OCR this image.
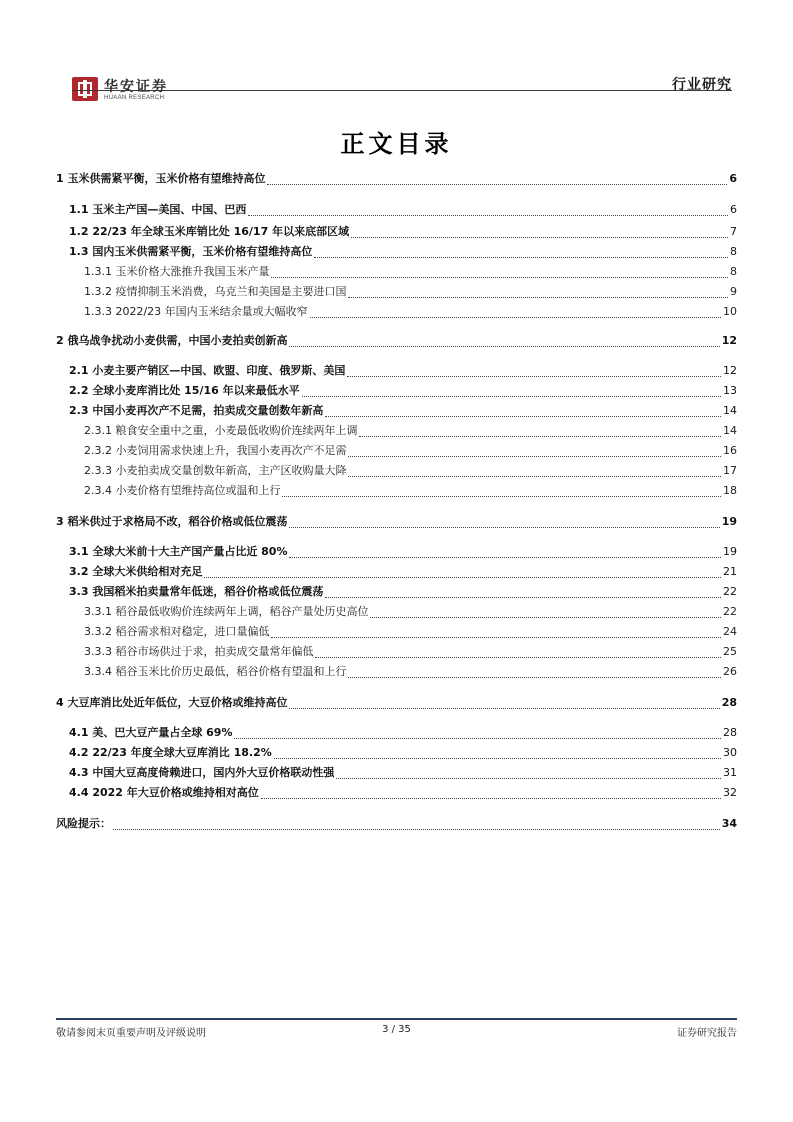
华安证券
HUAAN RESEARCH
行业研究
正文目录
1 玉米供需紧平衡，玉米价格有望维持高位	6
1.1 玉米主产国—美国、中国、巴西	6
1.2 22/23 年全球玉米库销比处 16/17 年以来底部区域	7
1.3 国内玉米供需紧平衡，玉米价格有望维持高位	8
1.3.1 玉米价格大涨推升我国玉米产量	8
1.3.2 疫情抑制玉米消费，乌克兰和美国是主要进口国	9
1.3.3 2022/23 年国内玉米结余量或大幅收窄	10
2 俄乌战争扰动小麦供需，中国小麦拍卖创新高	12
2.1 小麦主要产销区—中国、欧盟、印度、俄罗斯、美国	12
2.2 全球小麦库消比处 15/16 年以来最低水平	13
2.3 中国小麦再次产不足需，拍卖成交量创数年新高	14
2.3.1 粮食安全重中之重，小麦最低收购价连续两年上调	14
2.3.2 小麦饲用需求快速上升，我国小麦再次产不足需	16
2.3.3 小麦拍卖成交量创数年新高，主产区收购量大降	17
2.3.4 小麦价格有望维持高位或温和上行	18
3 稻米供过于求格局不改，稻谷价格或低位震荡	19
3.1 全球大米前十大主产国产量占比近 80%	19
3.2 全球大米供给相对充足	21
3.3 我国稻米拍卖量常年低迷，稻谷价格或低位震荡	22
3.3.1 稻谷最低收购价连续两年上调，稻谷产量处历史高位	22
3.3.2 稻谷需求相对稳定，进口量偏低	24
3.3.3 稻谷市场供过于求，拍卖成交量常年偏低	25
3.3.4 稻谷玉米比价历史最低，稻谷价格有望温和上行	26
4 大豆库消比处近年低位，大豆价格或维持高位	28
4.1 美、巴大豆产量占全球 69%	28
4.2 22/23 年度全球大豆库消比 18.2%	30
4.3 中国大豆高度倚赖进口，国内外大豆价格联动性强	31
4.4 2022 年大豆价格或维持相对高位	32
风险提示：	34
敬请参阅末页重要声明及评级说明	3 / 35	证券研究报告
